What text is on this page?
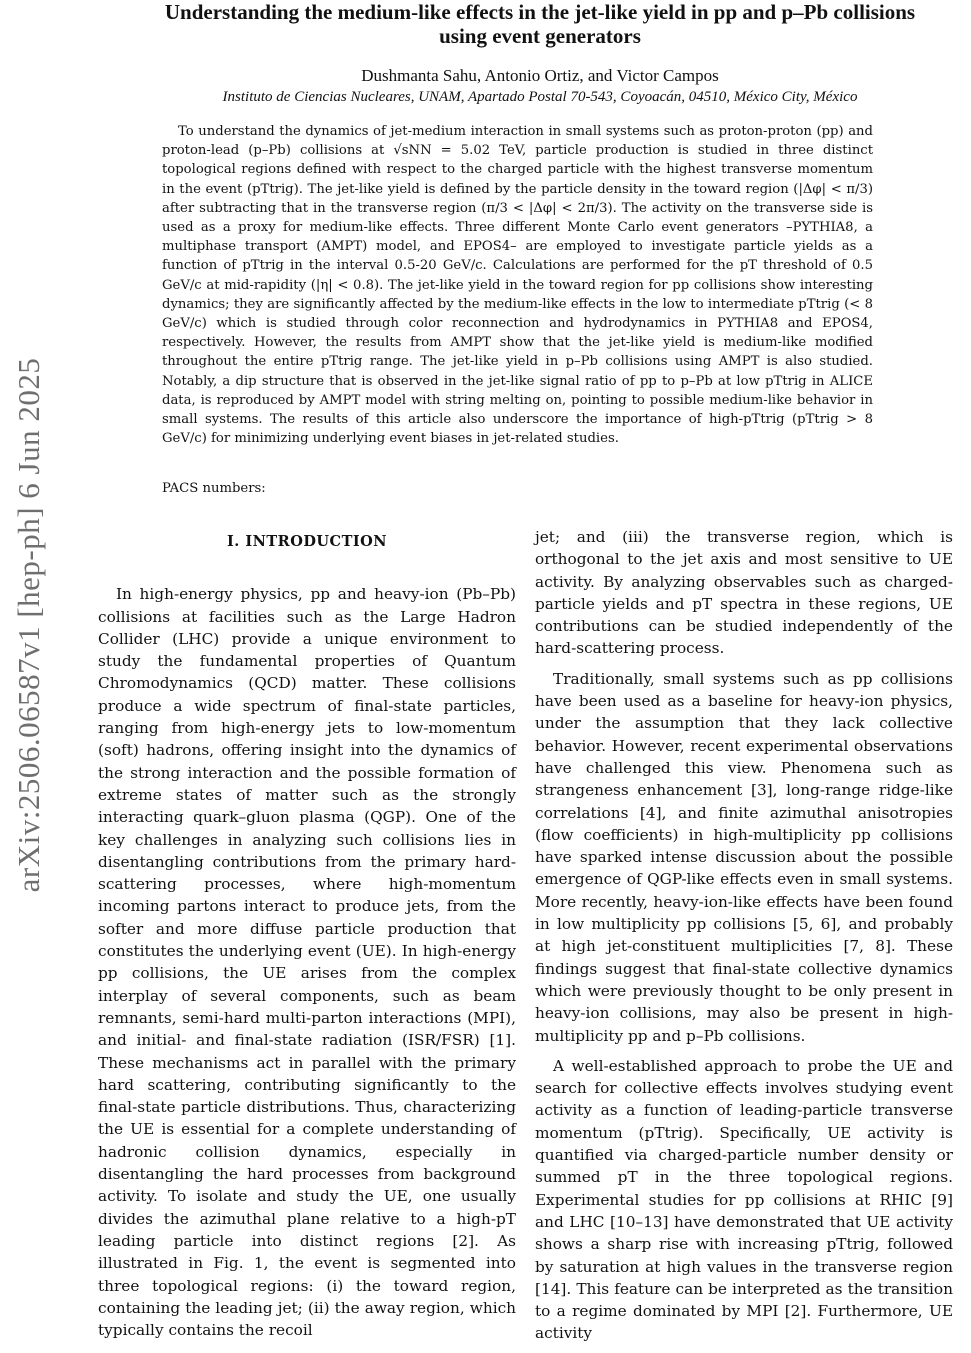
arXiv:2506.06587v1 [hep-ph] 6 Jun 2025
Understanding the medium-like effects in the jet-like yield in pp and p–Pb collisions
using event generators
Dushmanta Sahu, Antonio Ortiz, and Victor Campos
Instituto de Ciencias Nucleares, UNAM, Apartado Postal 70-543, Coyoacán, 04510, México City, México
To understand the dynamics of jet-medium interaction in small systems such as proton-proton (pp) and proton-lead (p–Pb) collisions at √sNN = 5.02 TeV, particle production is studied in three distinct topological regions defined with respect to the charged particle with the highest transverse momentum in the event (pTtrig). The jet-like yield is defined by the particle density in the toward region (|Δφ| < π/3) after subtracting that in the transverse region (π/3 < |Δφ| < 2π/3). The activity on the transverse side is used as a proxy for medium-like effects. Three different Monte Carlo event generators –PYTHIA8, a multiphase transport (AMPT) model, and EPOS4– are employed to investigate particle yields as a function of pTtrig in the interval 0.5-20 GeV/c. Calculations are performed for the pT threshold of 0.5 GeV/c at mid-rapidity (|η| < 0.8). The jet-like yield in the toward region for pp collisions show interesting dynamics; they are significantly affected by the medium-like effects in the low to intermediate pTtrig (< 8 GeV/c) which is studied through color reconnection and hydrodynamics in PYTHIA8 and EPOS4, respectively. However, the results from AMPT show that the jet-like yield is medium-like modified throughout the entire pTtrig range. The jet-like yield in p–Pb collisions using AMPT is also studied. Notably, a dip structure that is observed in the jet-like signal ratio of pp to p–Pb at low pTtrig in ALICE data, is reproduced by AMPT model with string melting on, pointing to possible medium-like behavior in small systems. The results of this article also underscore the importance of high-pTtrig (pTtrig > 8 GeV/c) for minimizing underlying event biases in jet-related studies.
PACS numbers:
I. INTRODUCTION

In high-energy physics, pp and heavy-ion (Pb–Pb) collisions at facilities such as the Large Hadron Collider (LHC) provide a unique environment to study the fundamental properties of Quantum Chromodynamics (QCD) matter. These collisions produce a wide spectrum of final-state particles, ranging from high-energy jets to low-momentum (soft) hadrons, offering insight into the dynamics of the strong interaction and the possible formation of extreme states of matter such as the strongly interacting quark–gluon plasma (QGP). One of the key challenges in analyzing such collisions lies in disentangling contributions from the primary hard-scattering processes, where high-momentum incoming partons interact to produce jets, from the softer and more diffuse particle production that constitutes the underlying event (UE). In high-energy pp collisions, the UE arises from the complex interplay of several components, such as beam remnants, semi-hard multi-parton interactions (MPI), and initial- and final-state radiation (ISR/FSR) [1]. These mechanisms act in parallel with the primary hard scattering, contributing significantly to the final-state particle distributions. Thus, characterizing the UE is essential for a complete understanding of hadronic collision dynamics, especially in disentangling the hard processes from background activity. To isolate and study the UE, one usually divides the azimuthal plane relative to a high-pT leading particle into distinct regions [2]. As illustrated in Fig. 1, the event is segmented into three topological regions: (i) the toward region, containing the leading jet; (ii) the away region, which typically contains the recoil

jet; and (iii) the transverse region, which is orthogonal to the jet axis and most sensitive to UE activity. By analyzing observables such as charged-particle yields and pT spectra in these regions, UE contributions can be studied independently of the hard-scattering process.

Traditionally, small systems such as pp collisions have been used as a baseline for heavy-ion physics, under the assumption that they lack collective behavior. However, recent experimental observations have challenged this view. Phenomena such as strangeness enhancement [3], long-range ridge-like correlations [4], and finite azimuthal anisotropies (flow coefficients) in high-multiplicity pp collisions have sparked intense discussion about the possible emergence of QGP-like effects even in small systems. More recently, heavy-ion-like effects have been found in low multiplicity pp collisions [5, 6], and probably at high jet-constituent multiplicities [7, 8]. These findings suggest that final-state collective dynamics which were previously thought to be only present in heavy-ion collisions, may also be present in high-multiplicity pp and p–Pb collisions.

A well-established approach to probe the UE and search for collective effects involves studying event activity as a function of leading-particle transverse momentum (pTtrig). Specifically, UE activity is quantified via charged-particle number density or summed pT in the three topological regions. Experimental studies for pp collisions at RHIC [9] and LHC [10–13] have demonstrated that UE activity shows a sharp rise with increasing pTtrig, followed by saturation at high values in the transverse region [14]. This feature can be interpreted as the transition to a regime dominated by MPI [2]. Furthermore, UE activity
